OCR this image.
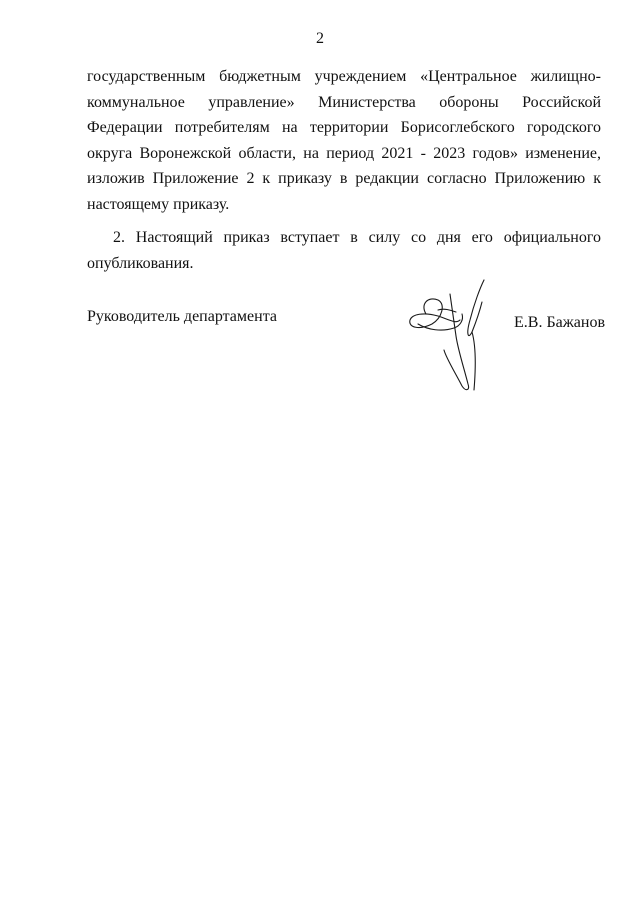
2

государственным бюджетным учреждением «Центральное жилищно-коммунальное управление» Министерства обороны Российской Федерации потребителям на территории Борисоглебского городского округа Воронежской области, на период 2021 - 2023 годов» изменение, изложив Приложение 2 к приказу в редакции согласно Приложению к настоящему приказу.

2. Настоящий приказ вступает в силу со дня его официального опубликования.

Руководитель департамента	Е.В. Бажанов
